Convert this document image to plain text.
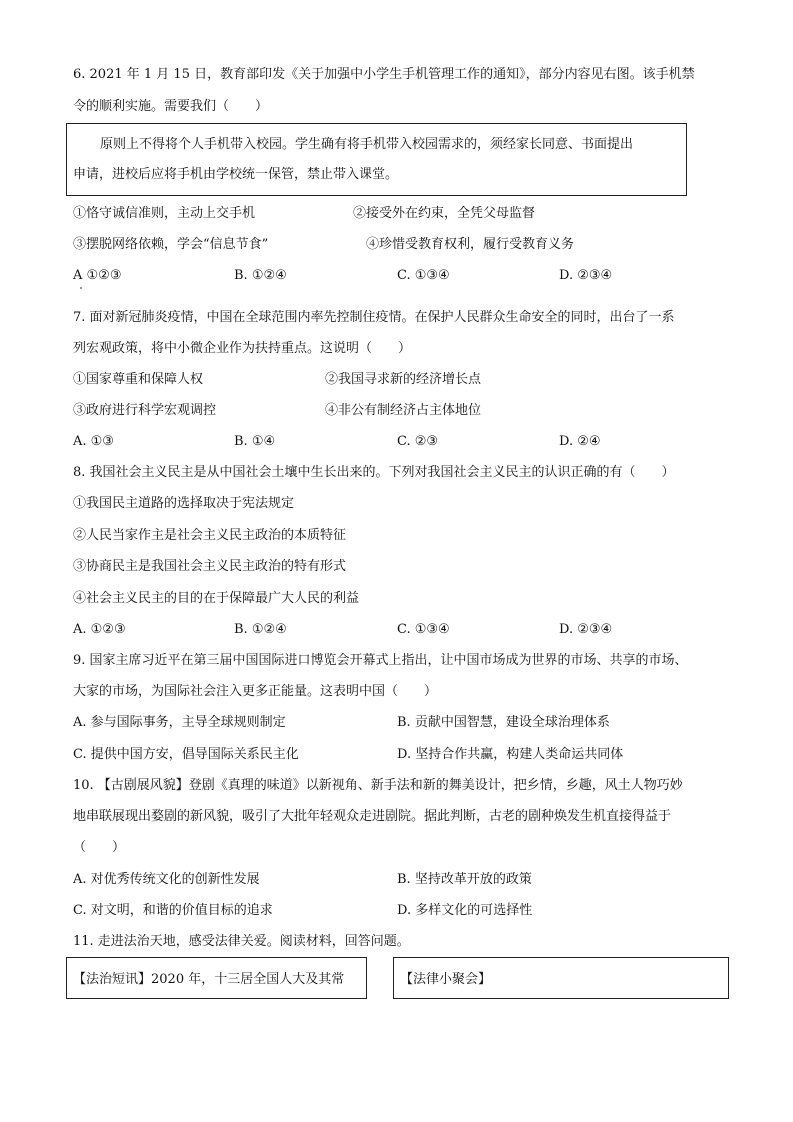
6. 2021 年 1 月 15 日，教育部印发《关于加强中小学生手机管理工作的通知》，部分内容见右图。该手机禁
令的顺利实施。需要我们（　　）
原则上不得将个人手机带入校园。学生确有将手机带入校园需求的，须经家长同意、书面提出
申请，进校后应将手机由学校统一保管，禁止带入课堂。
①恪守诚信准则，主动上交手机	②接受外在约束，全凭父母监督
③摆脱网络依赖，学会“信息节食”	④珍惜受教育权利，履行受教育义务
A ①②③	B. ①②④	C. ①③④	D. ②③④
7. 面对新冠肺炎疫情，中国在全球范围内率先控制住疫情。在保护人民群众生命安全的同时，出台了一系
列宏观政策，将中小微企业作为扶持重点。这说明（　　）
①国家尊重和保障人权	②我国寻求新的经济增长点
③政府进行科学宏观调控	④非公有制经济占主体地位
A. ①③	B. ①④	C. ②③	D. ②④
8. 我国社会主义民主是从中国社会土壤中生长出来的。下列对我国社会主义民主的认识正确的有（　　）
①我国民主道路的选择取决于宪法规定
②人民当家作主是社会主义民主政治的本质特征
③协商民主是我国社会主义民主政治的特有形式
④社会主义民主的目的在于保障最广大人民的利益
A. ①②③	B. ①②④	C. ①③④	D. ②③④
9. 国家主席习近平在第三届中国国际进口博览会开幕式上指出，让中国市场成为世界的市场、共享的市场、
大家的市场，为国际社会注入更多正能量。这表明中国（　　）
A. 参与国际事务，主导全球规则制定	B. 贡献中国智慧，建设全球治理体系
C. 提供中国方安，倡导国际关系民主化	D. 坚持合作共赢，构建人类命运共同体
10. 【古剧展风貌】登剧《真理的味道》以新视角、新手法和新的舞美设计，把乡情，乡趣，风土人物巧妙
地串联展现出婺剧的新风貌，吸引了大批年轻观众走进剧院。据此判断，古老的剧种焕发生机直接得益于
（　　）
A. 对优秀传统文化的创新性发展	B. 坚持改革开放的政策
C. 对文明，和谐的价值目标的追求	D. 多样文化的可选择性
11. 走进法治天地，感受法律关爱。阅读材料，回答问题。
【法治短讯】2020 年，十三居全国人大及其常	【法律小聚会】
